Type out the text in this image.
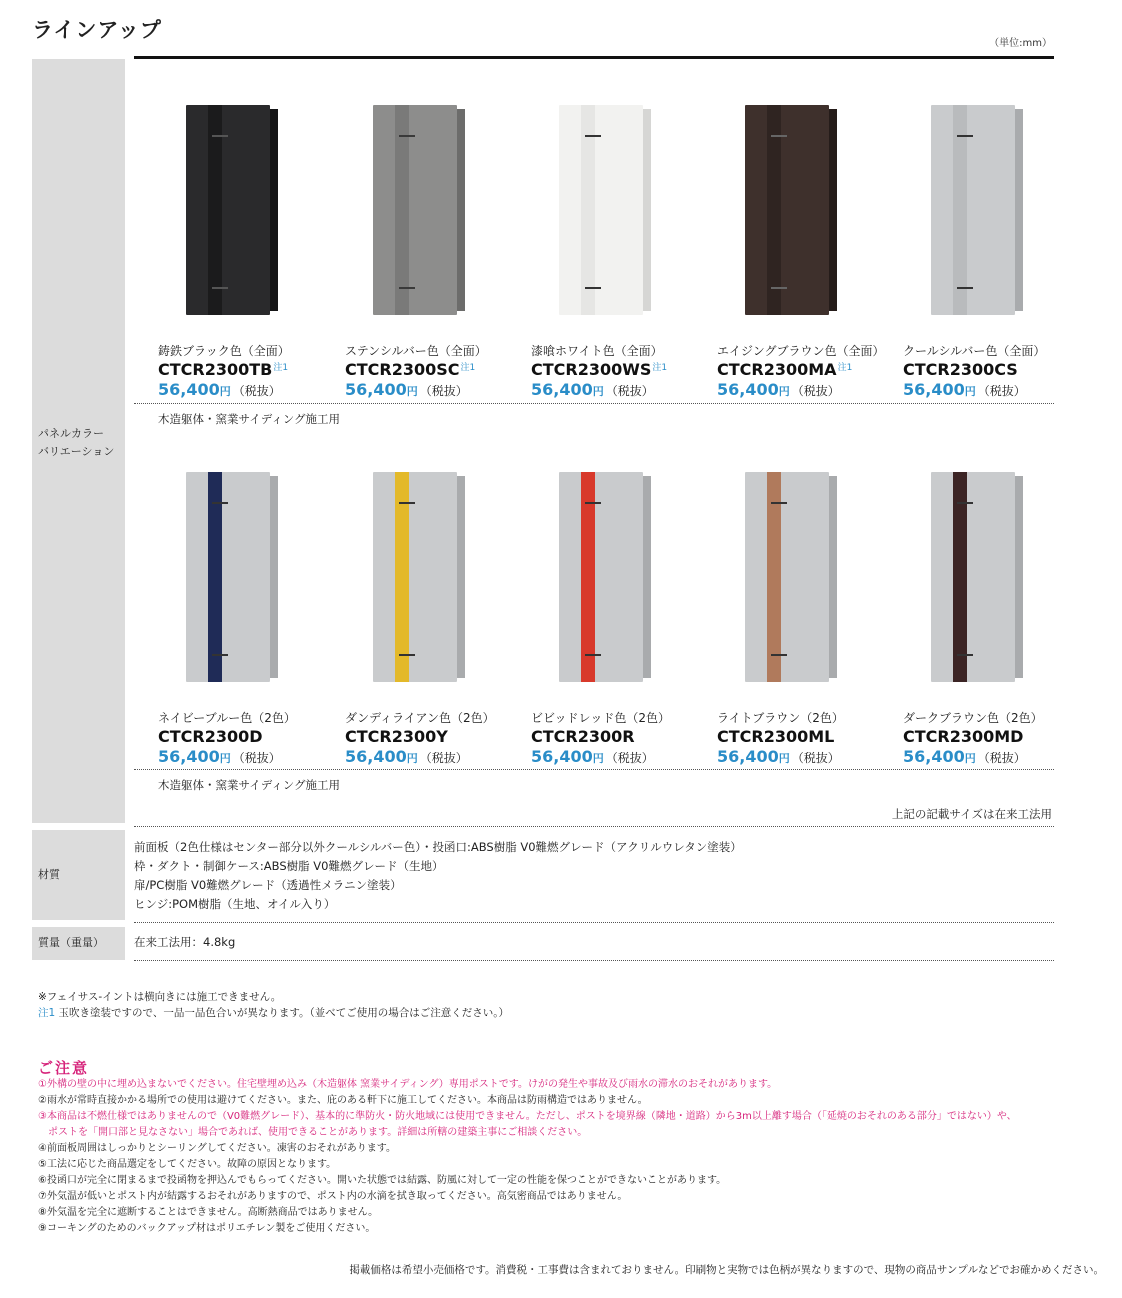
ラインアップ
（単位:mm）
パネルカラー
バリエーション
材質
質量（重量）
鋳鉄ブラック色（全面）
CTCR2300TB$^{注1}$
56,400円 （税抜）
ステンシルバー色（全面）
CTCR2300SC$^{注1}$
56,400円 （税抜）
漆喰ホワイト色（全面）
CTCR2300WS$^{注1}$
56,400円 （税抜）
エイジングブラウン色（全面）
CTCR2300MA$^{注1}$
56,400円 （税抜）
クールシルバー色（全面）
CTCR2300CS
56,400円 （税抜）
木造躯体・窯業サイディング施工用
ネイビーブルー色（2色）
CTCR2300D
56,400円 （税抜）
ダンディライアン色（2色）
CTCR2300Y
56,400円 （税抜）
ビビッドレッド色（2色）
CTCR2300R
56,400円 （税抜）
ライトブラウン（2色）
CTCR2300ML
56,400円 （税抜）
ダークブラウン色（2色）
CTCR2300MD
56,400円 （税抜）
木造躯体・窯業サイディング施工用
上記の記載サイズは在来工法用
前面板（2色仕様はセンター部分以外クールシルバー色）・投函口:ABS樹脂 V0難燃グレード（アクリルウレタン塗装）
枠・ダクト・制御ケース:ABS樹脂 V0難燃グレード（生地）
扉/PC樹脂 V0難燃グレード（透過性メラニン塗装）
ヒンジ:POM樹脂（生地、オイル入り）
在来工法用：4.8kg
※フェイサス-イントは横向きには施工できません。
注1 玉吹き塗装ですので、一品一品色合いが異なります。（並べてご使用の場合はご注意ください。）
ご注意
①外構の壁の中に埋め込まないでください。住宅壁埋め込み（木造躯体 窯業サイディング）専用ポストです。けがの発生や事故及び雨水の滞水のおそれがあります。
②雨水が常時直接かかる場所での使用は避けてください。また、庇のある軒下に施工してください。本商品は防雨構造ではありません。
③本商品は不燃仕様ではありませんので（V0難燃グレード）、基本的に準防火・防火地域には使用できません。ただし、ポストを境界線（隣地・道路）から3m以上離す場合（「延焼のおそれのある部分」ではない）や、
　ポストを「開口部と見なさない」場合であれば、使用できることがあります。詳細は所轄の建築主事にご相談ください。
④前面板周囲はしっかりとシーリングしてください。凍害のおそれがあります。
⑤工法に応じた商品選定をしてください。故障の原因となります。
⑥投函口が完全に閉まるまで投函物を押込んでもらってください。開いた状態では結露、防風に対して一定の性能を保つことができないことがあります。
⑦外気温が低いとポスト内が結露するおそれがありますので、ポスト内の水滴を拭き取ってください。高気密商品ではありません。
⑧外気温を完全に遮断することはできません。高断熱商品ではありません。
⑨コーキングのためのバックアップ材はポリエチレン製をご使用ください。
掲載価格は希望小売価格です。消費税・工事費は含まれておりません。印刷物と実物では色柄が異なりますので、現物の商品サンプルなどでお確かめください。
